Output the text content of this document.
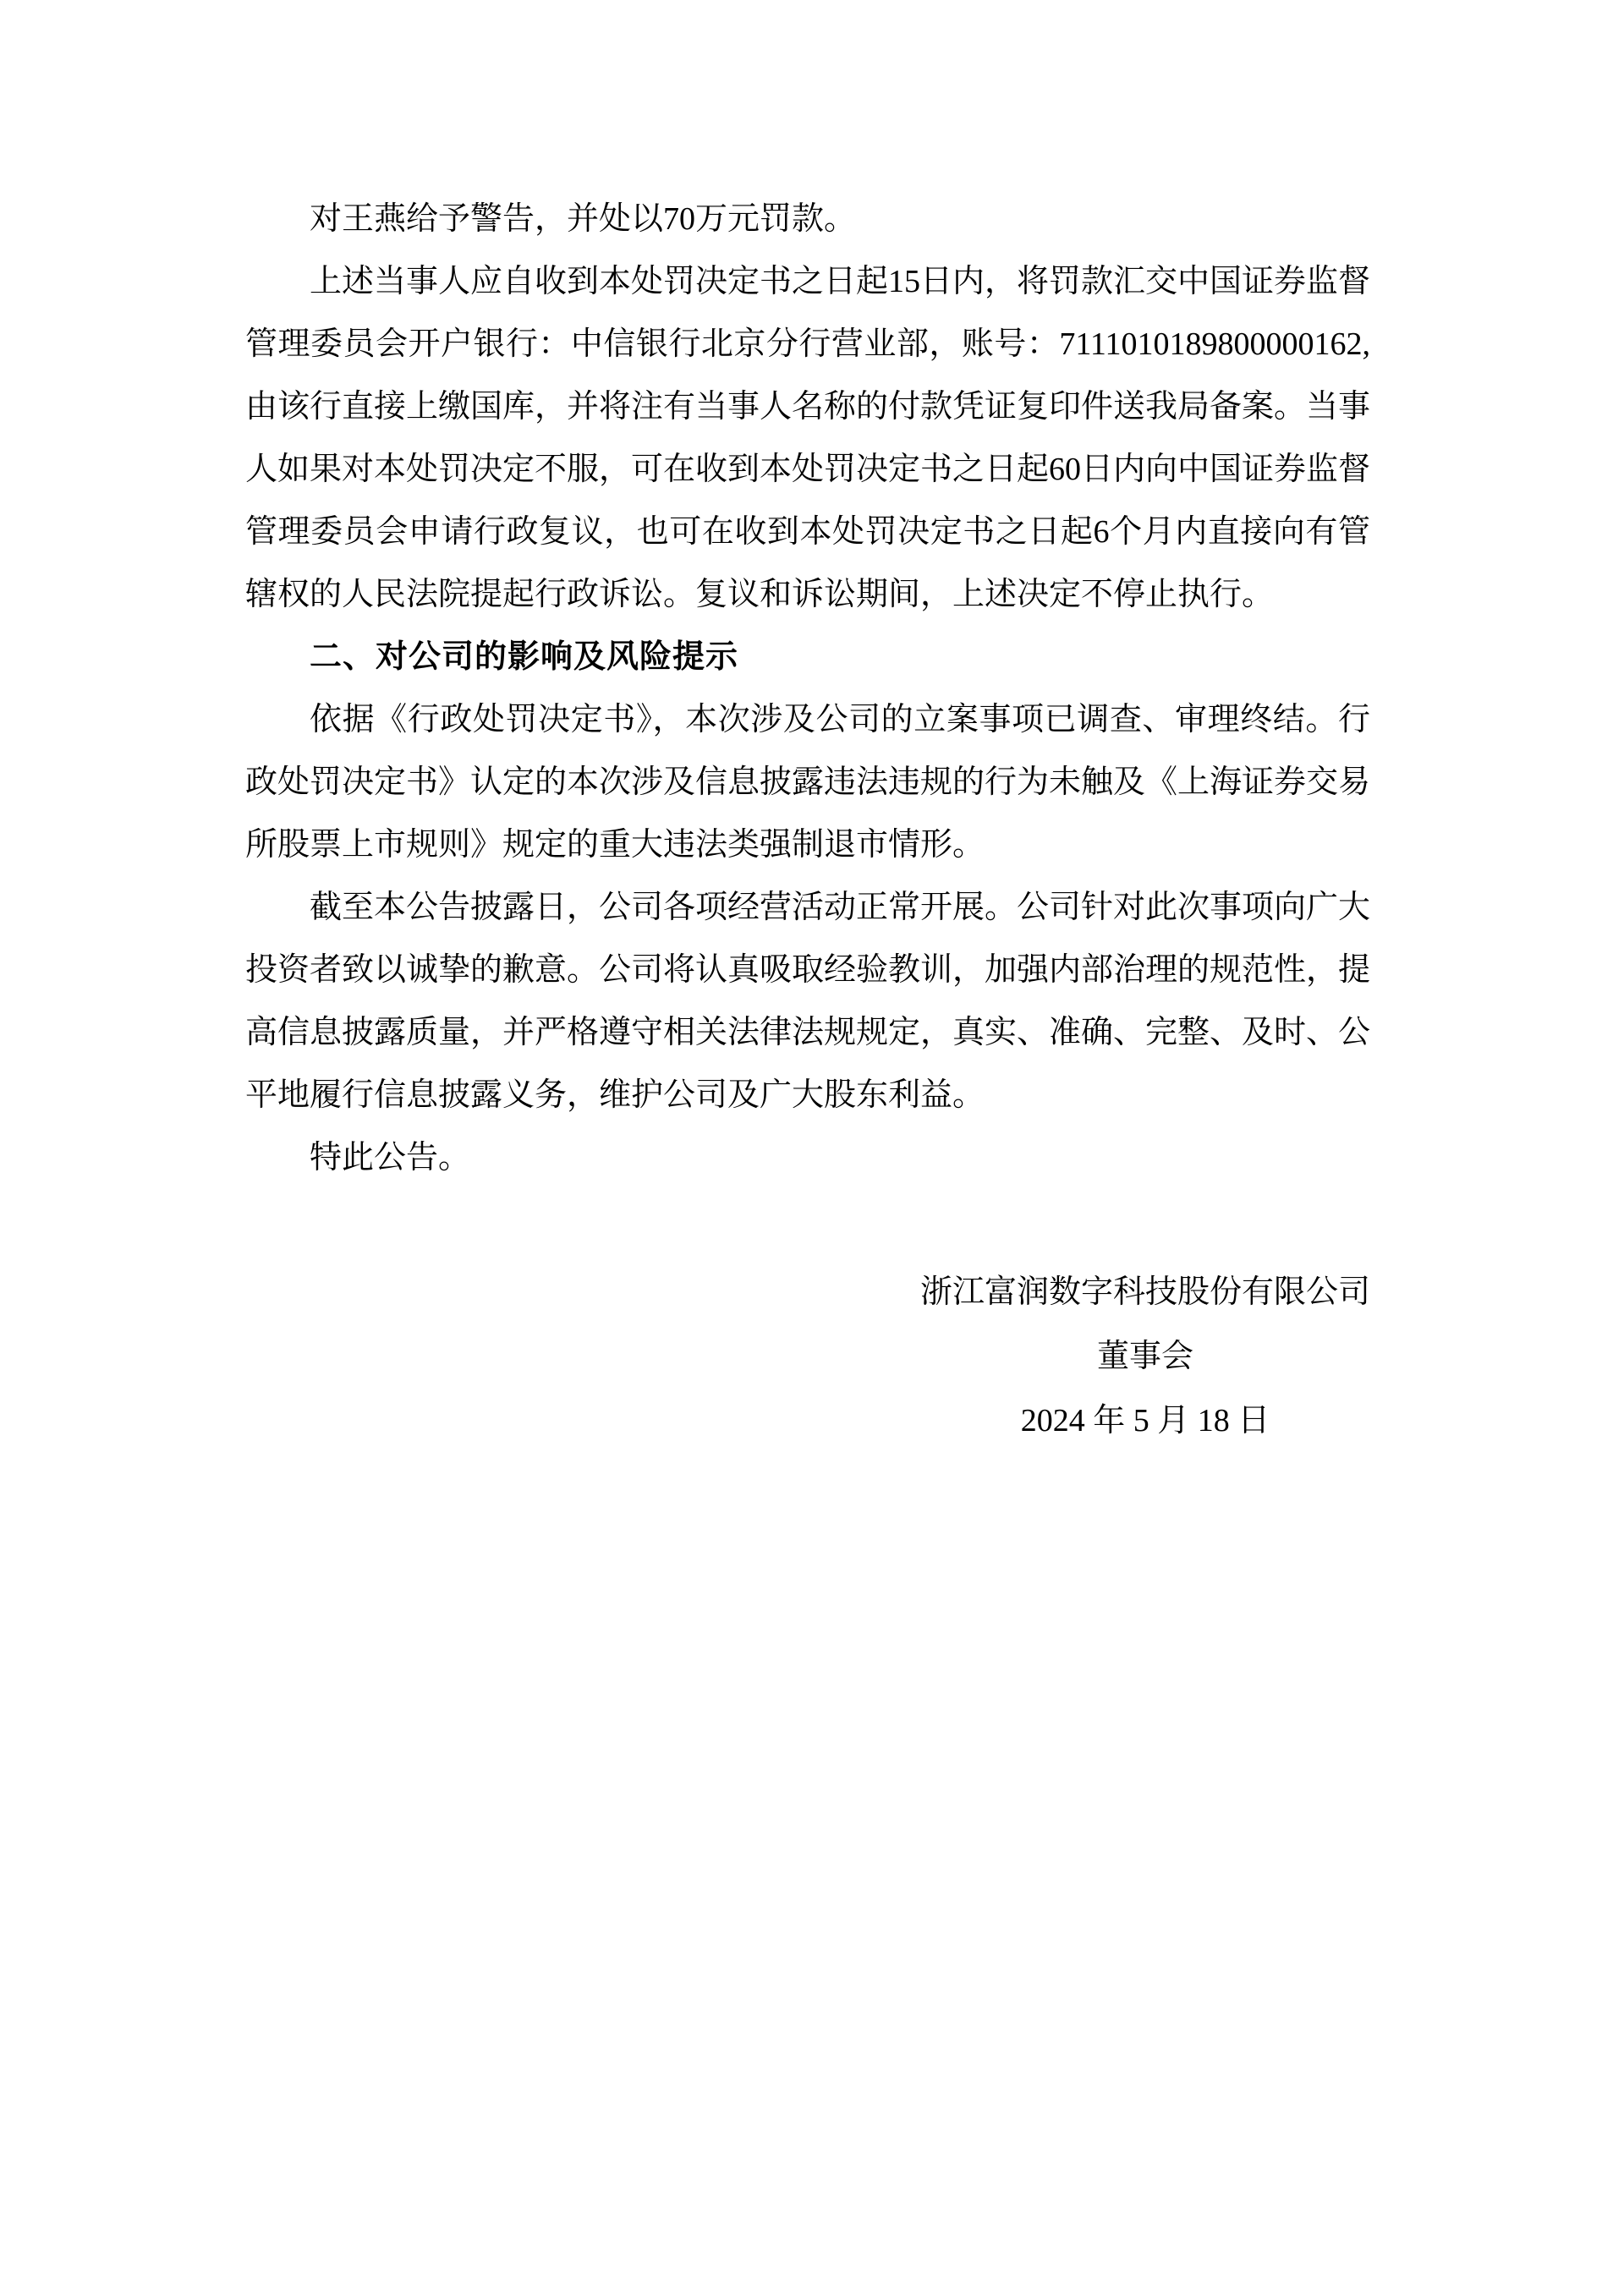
对王燕给予警告，并处以70万元罚款。

上述当事人应自收到本处罚决定书之日起15日内，将罚款汇交中国证券监督管理委员会开户银行：中信银行北京分行营业部，账号：7111010189800000162,由该行直接上缴国库，并将注有当事人名称的付款凭证复印件送我局备案。当事人如果对本处罚决定不服，可在收到本处罚决定书之日起60日内向中国证券监督管理委员会申请行政复议，也可在收到本处罚决定书之日起6个月内直接向有管辖权的人民法院提起行政诉讼。复议和诉讼期间，上述决定不停止执行。

二、对公司的影响及风险提示

依据《行政处罚决定书》，本次涉及公司的立案事项已调查、审理终结。行政处罚决定书》认定的本次涉及信息披露违法违规的行为未触及《上海证券交易所股票上市规则》规定的重大违法类强制退市情形。

截至本公告披露日，公司各项经营活动正常开展。公司针对此次事项向广大投资者致以诚挚的歉意。公司将认真吸取经验教训，加强内部治理的规范性，提高信息披露质量，并严格遵守相关法律法规规定，真实、准确、完整、及时、公平地履行信息披露义务，维护公司及广大股东利益。

特此公告。

浙江富润数字科技股份有限公司
董事会
2024 年 5 月 18 日
